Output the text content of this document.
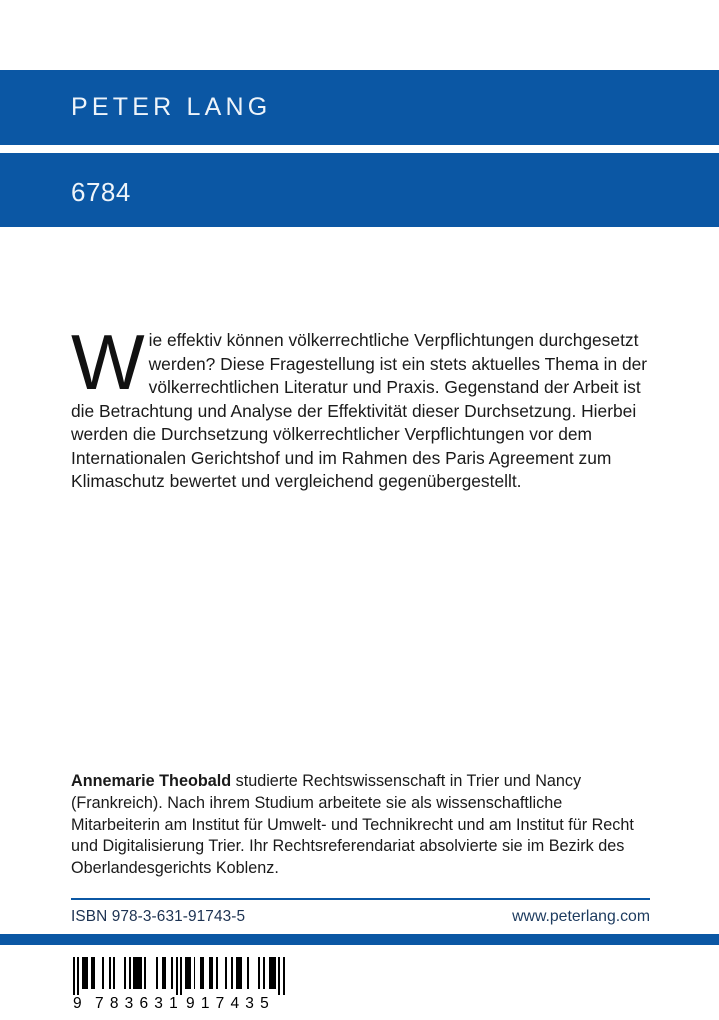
PETER LANG
6784
Wie effektiv können völkerrechtliche Verpflichtungen durchgesetzt werden? Diese Fragestellung ist ein stets aktuelles Thema in der völkerrechtlichen Literatur und Praxis. Gegenstand der Arbeit ist die Betrachtung und Analyse der Effektivität dieser Durchsetzung. Hierbei werden die Durchsetzung völkerrechtlicher Verpflichtungen vor dem Internationalen Gerichtshof und im Rahmen des Paris Agreement zum Klimaschutz bewertet und vergleichend gegenübergestellt.
Annemarie Theobald studierte Rechtswissenschaft in Trier und Nancy (Frankreich). Nach ihrem Studium arbeitete sie als wissenschaftliche Mitarbeiterin am Institut für Umwelt- und Technikrecht und am Institut für Recht und Digitalisierung Trier. Ihr Rechtsreferendariat absolvierte sie im Bezirk des Oberlandesgerichts Koblenz.
ISBN 978-3-631-91743-5	www.peterlang.com
9 783631 917435
